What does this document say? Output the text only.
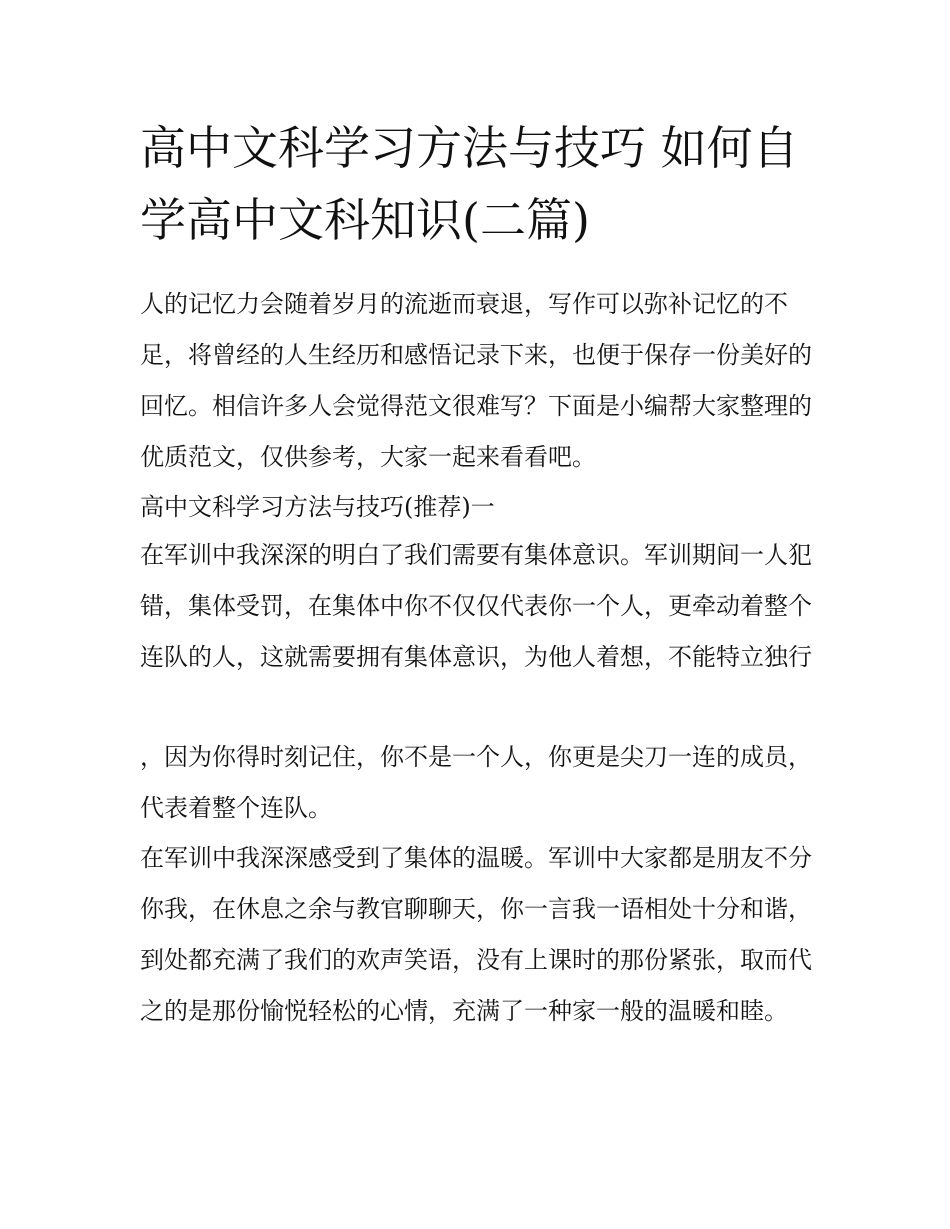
高中文科学习方法与技巧 如何自学高中文科知识(二篇)

人的记忆力会随着岁月的流逝而衰退，写作可以弥补记忆的不足，将曾经的人生经历和感悟记录下来，也便于保存一份美好的回忆。相信许多人会觉得范文很难写？下面是小编帮大家整理的优质范文，仅供参考，大家一起来看看吧。

高中文科学习方法与技巧(推荐)一

在军训中我深深的明白了我们需要有集体意识。军训期间一人犯错，集体受罚，在集体中你不仅仅代表你一个人，更牵动着整个连队的人，这就需要拥有集体意识，为他人着想，不能特立独行

，因为你得时刻记住，你不是一个人，你更是尖刀一连的成员，代表着整个连队。

在军训中我深深感受到了集体的温暖。军训中大家都是朋友不分你我，在休息之余与教官聊聊天，你一言我一语相处十分和谐，到处都充满了我们的欢声笑语，没有上课时的那份紧张，取而代之的是那份愉悦轻松的心情，充满了一种家一般的温暖和睦。
